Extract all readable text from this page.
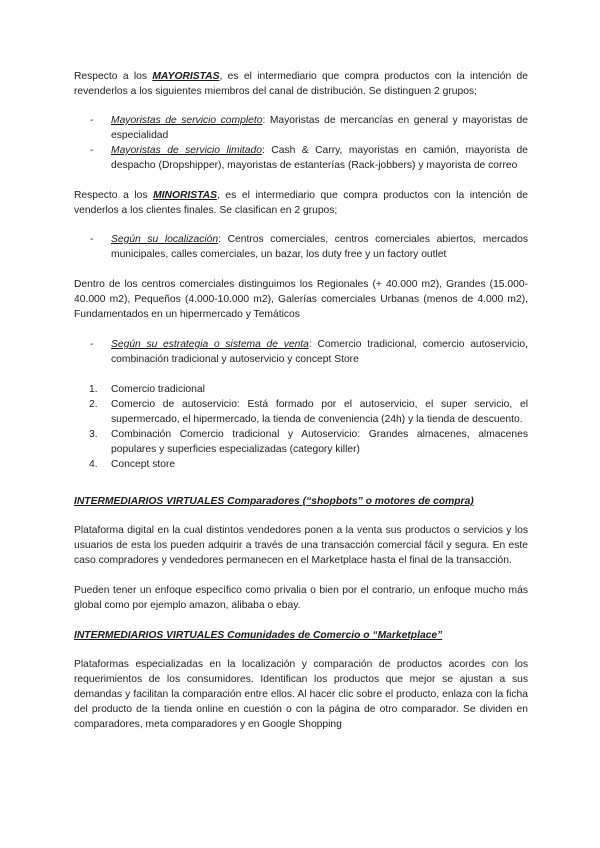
Respecto a los MAYORISTAS, es el intermediario que compra productos con la intención de revenderlos a los siguientes miembros del canal de distribución. Se distinguen 2 grupos;

- Mayoristas de servicio completo: Mayoristas de mercancías en general y mayoristas de especialidad
- Mayoristas de servicio limitado: Cash & Carry, mayoristas en camión, mayorista de despacho (Dropshipper), mayoristas de estanterías (Rack-jobbers) y mayorista de correo

Respecto a los MINORISTAS, es el intermediario que compra productos con la intención de venderlos a los clientes finales. Se clasifican en 2 grupos;

- Según su localización: Centros comerciales, centros comerciales abiertos, mercados municipales, calles comerciales, un bazar, los duty free y un factory outlet

Dentro de los centros comerciales distinguimos los Regionales (+ 40.000 m2), Grandes (15.000- 40.000 m2), Pequeños (4.000-10.000 m2), Galerías comerciales Urbanas (menos de 4.000 m2), Fundamentados en un hipermercado y Temáticos

- Según su estrategia o sistema de venta: Comercio tradicional, comercio autoservicio, combinación tradicional y autoservicio y concept Store
1. Comercio tradicional
2. Comercio de autoservicio: Está formado por el autoservicio, el super servicio, el supermercado, el hipermercado, la tienda de conveniencia (24h) y la tienda de descuento.
3. Combinación Comercio tradicional y Autoservicio: Grandes almacenes, almacenes populares y superficies especializadas (category killer)
4. Concept store

INTERMEDIARIOS VIRTUALES Comparadores (“shopbots” o motores de compra)

Plataforma digital en la cual distintos vendedores ponen a la venta sus productos o servicios y los usuarios de esta los pueden adquirir a través de una transacción comercial fácil y segura. En este caso compradores y vendedores permanecen en el Marketplace hasta el final de la transacción.

Pueden tener un enfoque específico como privalia o bien por el contrario, un enfoque mucho más global como por ejemplo amazon, alibaba o ebay.

INTERMEDIARIOS VIRTUALES Comunidades de Comercio o “Marketplace”

Plataformas especializadas en la localización y comparación de productos acordes con los requerimientos de los consumidores. Identifican los productos que mejor se ajustan a sus demandas y facilitan la comparación entre ellos. Al hacer clic sobre el producto, enlaza con la ficha del producto de la tienda online en cuestión o con la página de otro comparador. Se dividen en comparadores, meta comparadores y en Google Shopping
